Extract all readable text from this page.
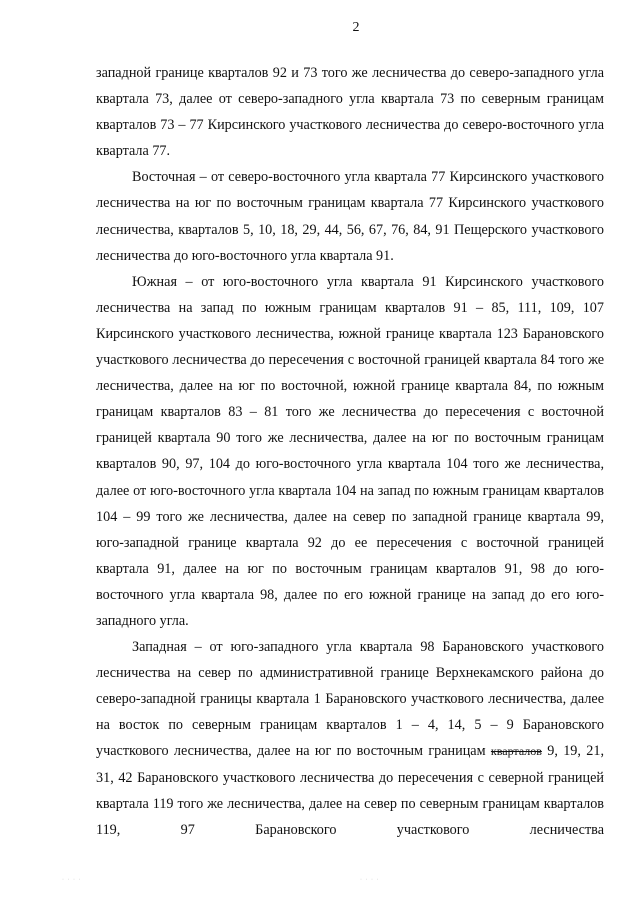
2

западной границе кварталов 92 и 73 того же лесничества до северо-западного угла квартала 73, далее от северо-западного угла квартала 73 по северным границам кварталов 73 – 77 Кирсинского участкового лесничества до северо-восточного угла квартала 77.

Восточная – от северо-восточного угла квартала 77 Кирсинского участкового лесничества на юг по восточным границам квартала 77 Кирсинского участкового лесничества, кварталов 5, 10, 18, 29, 44, 56, 67, 76, 84, 91 Пещерского участкового лесничества до юго-восточного угла квартала 91.

Южная – от юго-восточного угла квартала 91 Кирсинского участкового лесничества на запад по южным границам кварталов 91 – 85, 111, 109, 107 Кирсинского участкового лесничества, южной границе квартала 123 Барановского участкового лесничества до пересечения с восточной границей квартала 84 того же лесничества, далее на юг по восточной, южной границе квартала 84, по южным границам кварталов 83 – 81 того же лесничества до пересечения с восточной границей квартала 90 того же лесничества, далее на юг по восточным границам кварталов 90, 97, 104 до юго-восточного угла квартала 104 того же лесничества, далее от юго-восточного угла квартала 104 на запад по южным границам кварталов 104 – 99 того же лесничества, далее на север по западной границе квартала 99, юго-западной границе квартала 92 до ее пересечения с восточной границей квартала 91, далее на юг по восточным границам кварталов 91, 98 до юго-восточного угла квартала 98, далее по его южной границе на запад до его юго-западного угла.

Западная – от юго-западного угла квартала 98 Барановского участкового лесничества на север по административной границе Верхнекамского района до северо-западной границы квартала 1 Барановского участкового лесничества, далее на восток по северным границам кварталов 1 – 4, 14, 5 – 9 Барановского участкового лесничества, далее на юг по восточным границам кварталов 9, 19, 21, 31, 42 Барановского участкового лесничества до пересечения с северной границей квартала 119 того же лесничества, далее на север по северным границам кварталов 119, 97 Барановского участкового лесничества

· · · ·	· · · ·
